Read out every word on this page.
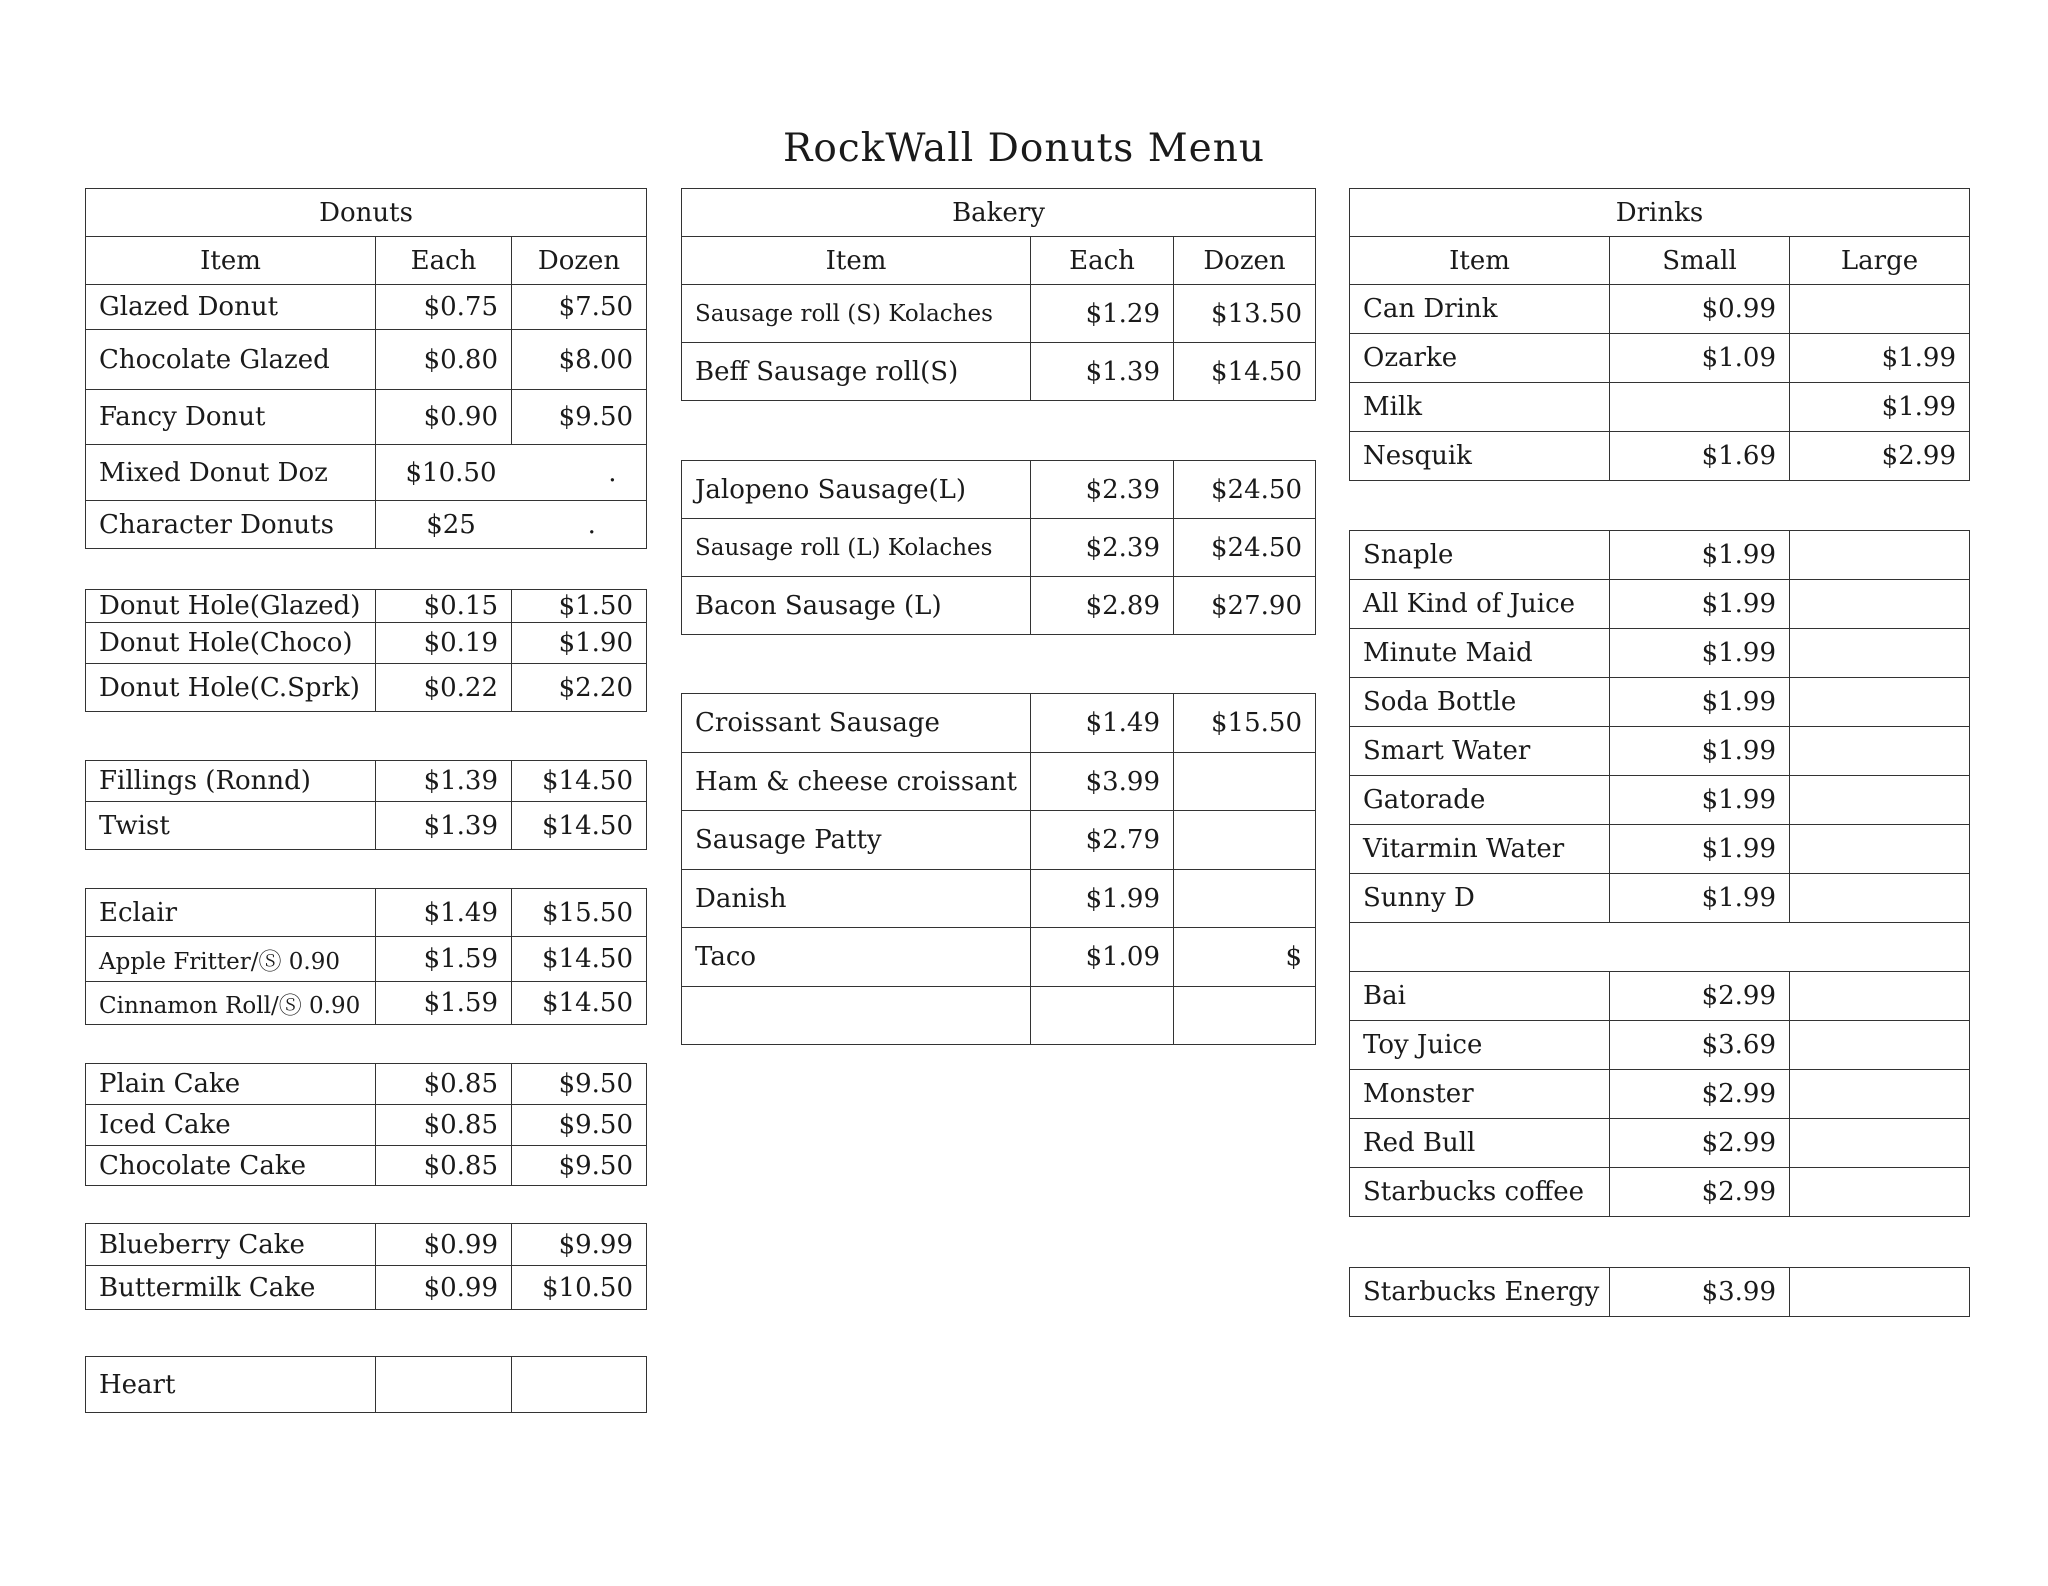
RockWall Donuts Menu
Donuts		
Item	Each	Dozen
Glazed Donut	$0.75	$7.50
Chocolate Glazed	$0.80	$8.00
Fancy Donut	$0.90	$9.50
Mixed Donut Doz	$10.50 .	
Character Donuts	$25 .	
Donut Hole(Glazed)	$0.15	$1.50
Donut Hole(Choco)	$0.19	$1.90
Donut Hole(C.Sprk)	$0.22	$2.20
Fillings (Ronnd)	$1.39	$14.50
Twist	$1.39	$14.50
Eclair	$1.49	$15.50
Apple Fritter/Ⓢ 0.90	$1.59	$14.50
Cinnamon Roll/Ⓢ 0.90	$1.59	$14.50
Plain Cake	$0.85	$9.50
Iced Cake	$0.85	$9.50
Chocolate Cake	$0.85	$9.50
Blueberry Cake	$0.99	$9.99
Buttermilk Cake	$0.99	$10.50
Heart		
Bakery		
Item	Each	Dozen
Sausage roll (S) Kolaches	$1.29	$13.50
Beff Sausage roll(S)	$1.39	$14.50
Jalopeno Sausage(L)	$2.39	$24.50
Sausage roll (L) Kolaches	$2.39	$24.50
Bacon Sausage (L)	$2.89	$27.90
Croissant Sausage	$1.49	$15.50
Ham & cheese croissant	$3.99	
Sausage Patty	$2.79	
Danish	$1.99	
Taco	$1.09	$

Drinks		
Item	Small	Large
Can Drink	$0.99	
Ozarke	$1.09	$1.99
Milk		$1.99
Nesquik	$1.69	$2.99
Snaple	$1.99	
All Kind of Juice	$1.99	
Minute Maid	$1.99	
Soda Bottle	$1.99	
Smart Water	$1.99	
Gatorade	$1.99	
Vitarmin Water	$1.99	
Sunny D	$1.99	

Bai	$2.99	
Toy Juice	$3.69	
Monster	$2.99	
Red Bull	$2.99	
Starbucks coffee	$2.99	
Starbucks Energy	$3.99	
